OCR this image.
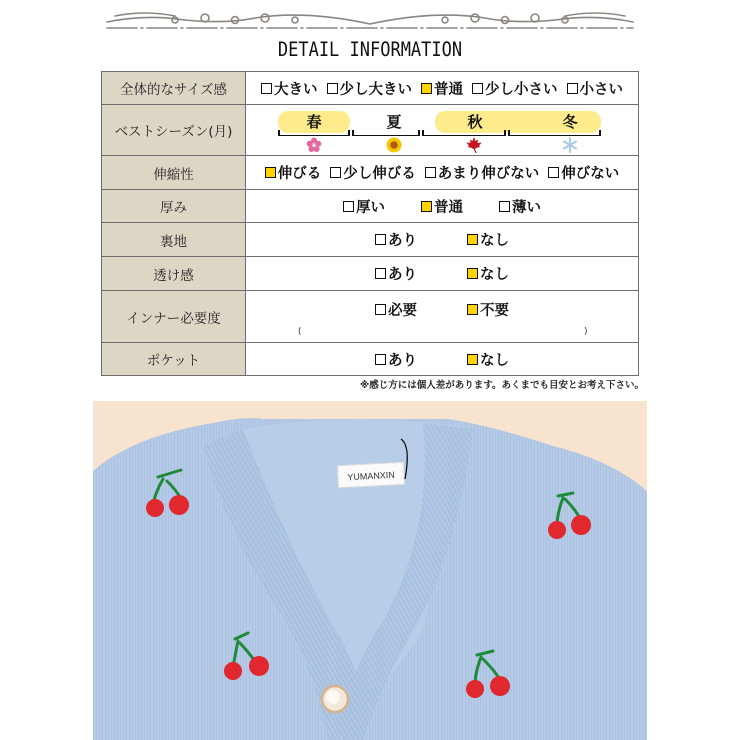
DETAIL INFORMATION
全体的なサイズ感	大きい 少し大きい 普通 少し小さい 小さい

ベストシーズン(月)	春 夏 秋 冬

伸縮性	伸びる 少し伸びる あまり伸びない 伸びない

厚み	厚い 普通 薄い

裏地	あり なし

透け感	あり なし

インナー必要度	必要 不要
( )

ポケット	あり なし
※感じ方には個人差があります。あくまでも目安とお考え下さい。
YUMANXIN
